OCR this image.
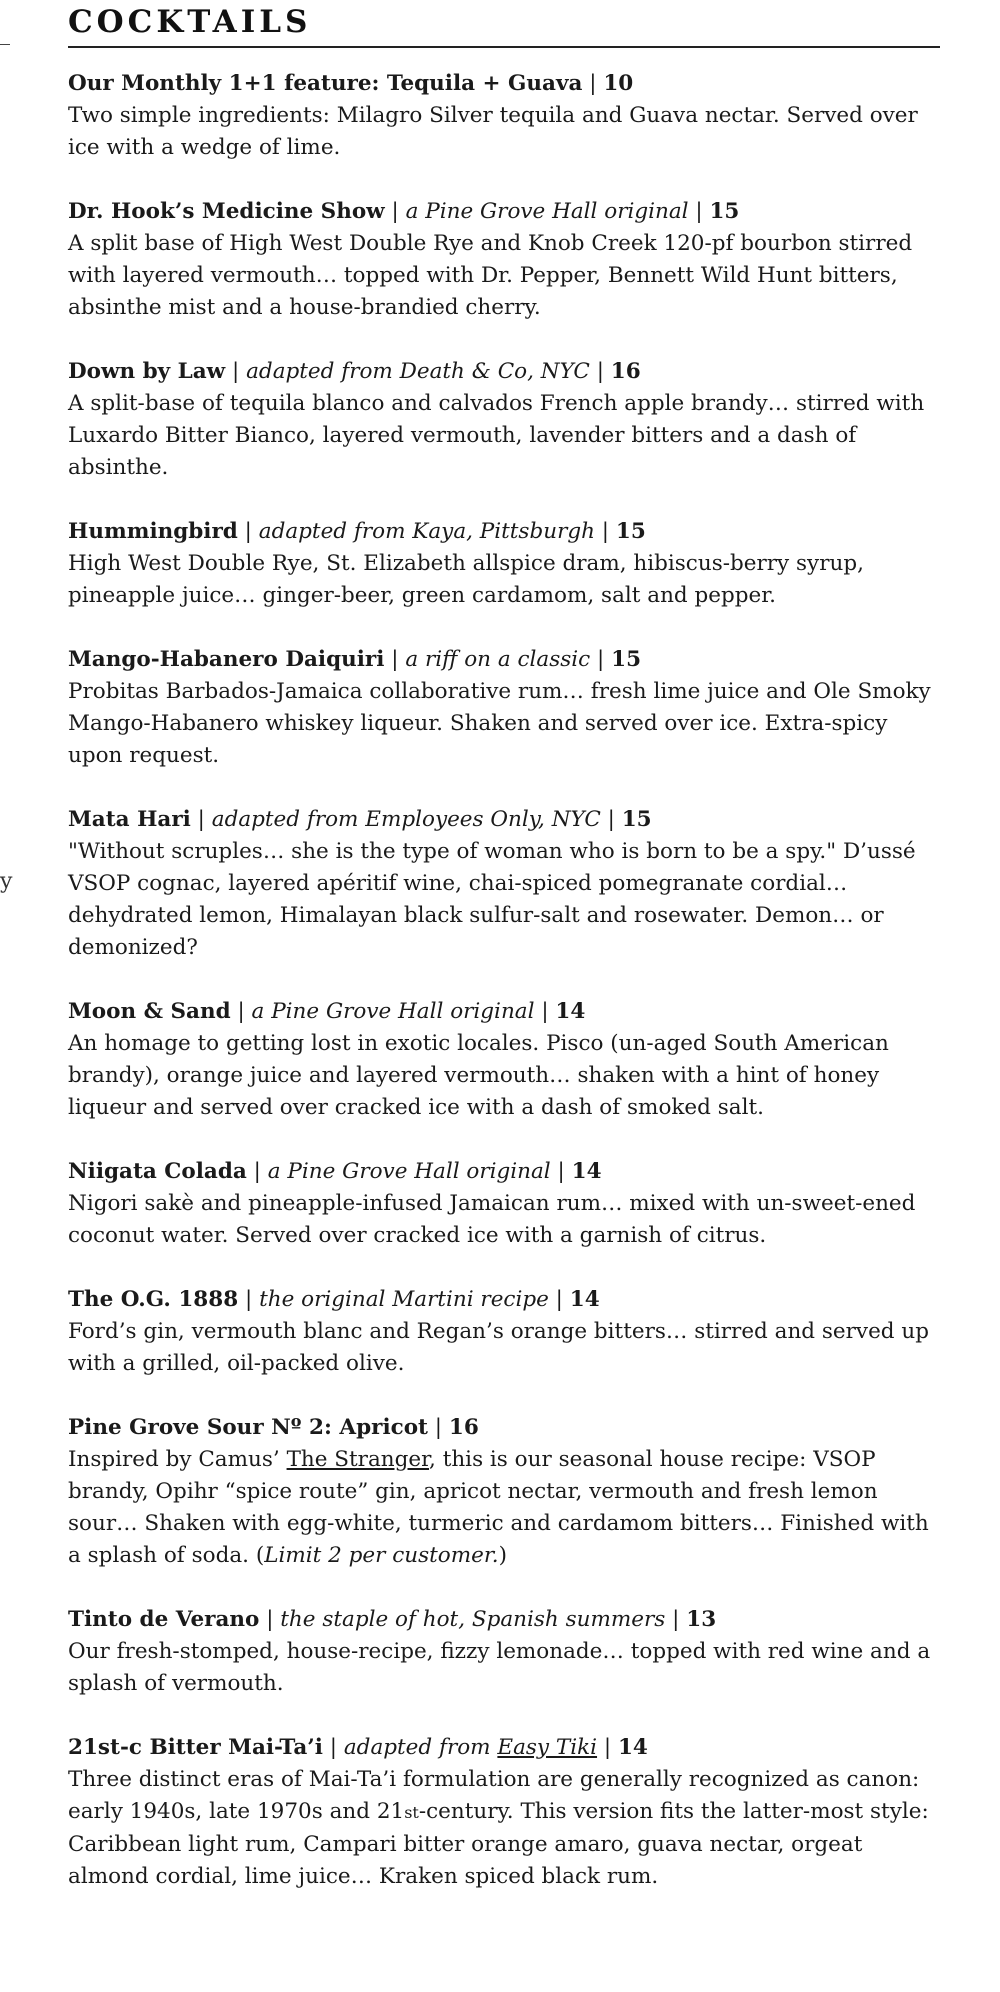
y
COCKTAILS
Our Monthly 1+1 feature: Tequila + Guava | 10

Two simple ingredients: Milagro Silver tequila and Guava nectar. Served over ice with a wedge of lime.

Dr. Hook’s Medicine Show | a Pine Grove Hall original | 15

A split base of High West Double Rye and Knob Creek 120-pf bourbon stirred with layered vermouth… topped with Dr. Pepper, Bennett Wild Hunt bitters, absinthe mist and a house-brandied cherry.

Down by Law | adapted from Death & Co, NYC | 16

A split-base of tequila blanco and calvados French apple brandy… stirred with Luxardo Bitter Bianco, layered vermouth, lavender bitters and a dash of absinthe.

Hummingbird | adapted from Kaya, Pittsburgh | 15

High West Double Rye, St. Elizabeth allspice dram, hibiscus-berry syrup, pineapple juice… ginger-beer, green cardamom, salt and pepper.

Mango-Habanero Daiquiri | a riff on a classic | 15

Probitas Barbados-Jamaica collaborative rum… fresh lime juice and Ole Smoky Mango-Habanero whiskey liqueur. Shaken and served over ice. Extra-spicy upon request.

Mata Hari | adapted from Employees Only, NYC | 15

"Without scruples… she is the type of woman who is born to be a spy." D’ussé VSOP cognac, layered apéritif wine, chai-spiced pomegranate cordial… dehydrated lemon, Himalayan black sulfur-salt and rosewater. Demon… or demonized?

Moon & Sand | a Pine Grove Hall original | 14

An homage to getting lost in exotic locales. Pisco (un-aged South American brandy), orange juice and layered vermouth… shaken with a hint of honey liqueur and served over cracked ice with a dash of smoked salt.

Niigata Colada | a Pine Grove Hall original | 14

Nigori sakè and pineapple-infused Jamaican rum… mixed with un-sweet-ened coconut water. Served over cracked ice with a garnish of citrus.

The O.G. 1888 | the original Martini recipe | 14

Ford’s gin, vermouth blanc and Regan’s orange bitters… stirred and served up with a grilled, oil-packed olive.

Pine Grove Sour Nº 2: Apricot | 16

Inspired by Camus’ The Stranger, this is our seasonal house recipe: VSOP brandy, Opihr “spice route” gin, apricot nectar, vermouth and fresh lemon sour… Shaken with egg-white, turmeric and cardamom bitters… Finished with a splash of soda. (Limit 2 per customer.)

Tinto de Verano | the staple of hot, Spanish summers | 13

Our fresh-stomped, house-recipe, fizzy lemonade… topped with red wine and a splash of vermouth.

21st-c Bitter Mai-Ta’i | adapted from Easy Tiki | 14

Three distinct eras of Mai-Ta’i formulation are generally recognized as canon: early 1940s, late 1970s and 21st-century. This version fits the latter-most style: Caribbean light rum, Campari bitter orange amaro, guava nectar, orgeat almond cordial, lime juice… Kraken spiced black rum.
